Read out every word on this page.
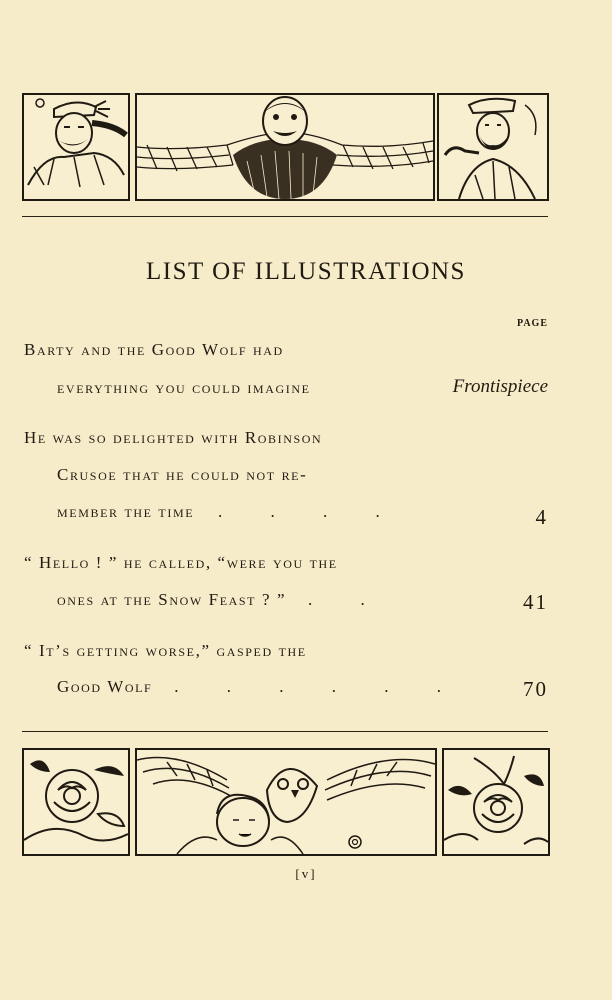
LIST OF ILLUSTRATIONS
PAGE
Barty and the Good Wolf had
everything you could imagine	Frontispiece
He was so delighted with Robinson
Crusoe that he could not re-
member the time . . . .	4
“ Hello ! ” he called, “were you the
ones at the Snow Feast ? ” . .	41
“ It’s getting worse,” gasped the
Good Wolf . . . . . .	70
[v]
